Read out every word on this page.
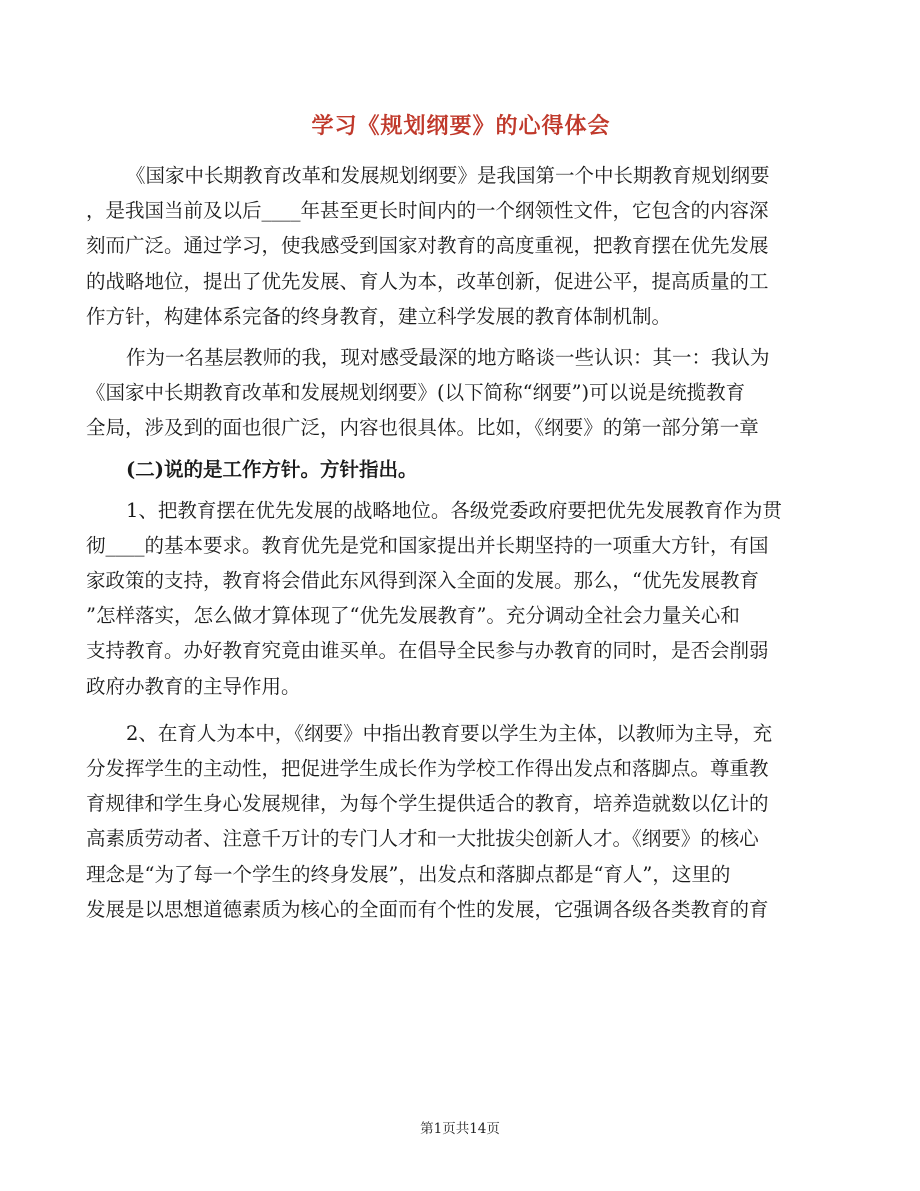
学习《规划纲要》的心得体会
《国家中长期教育改革和发展规划纲要》是我国第一个中长期教育规划纲要
，是我国当前及以后____年甚至更长时间内的一个纲领性文件，它包含的内容深
刻而广泛。通过学习，使我感受到国家对教育的高度重视，把教育摆在优先发展
的战略地位，提出了优先发展、育人为本，改革创新，促进公平，提高质量的工
作方针，构建体系完备的终身教育，建立科学发展的教育体制机制。
作为一名基层教师的我，现对感受最深的地方略谈一些认识：其一：我认为
《国家中长期教育改革和发展规划纲要》(以下简称“纲要”)可以说是统揽教育
全局，涉及到的面也很广泛，内容也很具体。比如，《纲要》的第一部分第一章
(二)说的是工作方针。方针指出。
1、把教育摆在优先发展的战略地位。各级党委政府要把优先发展教育作为贯
彻____的基本要求。教育优先是党和国家提出并长期坚持的一项重大方针，有国
家政策的支持，教育将会借此东风得到深入全面的发展。那么，“优先发展教育
”怎样落实，怎么做才算体现了“优先发展教育”。充分调动全社会力量关心和
支持教育。办好教育究竟由谁买单。在倡导全民参与办教育的同时，是否会削弱
政府办教育的主导作用。
2、在育人为本中，《纲要》中指出教育要以学生为主体，以教师为主导，充
分发挥学生的主动性，把促进学生成长作为学校工作得出发点和落脚点。尊重教
育规律和学生身心发展规律，为每个学生提供适合的教育，培养造就数以亿计的
高素质劳动者、注意千万计的专门人才和一大批拔尖创新人才。《纲要》的核心
理念是“为了每一个学生的终身发展”，出发点和落脚点都是“育人”，这里的
发展是以思想道德素质为核心的全面而有个性的发展，它强调各级各类教育的育
第1页共14页
